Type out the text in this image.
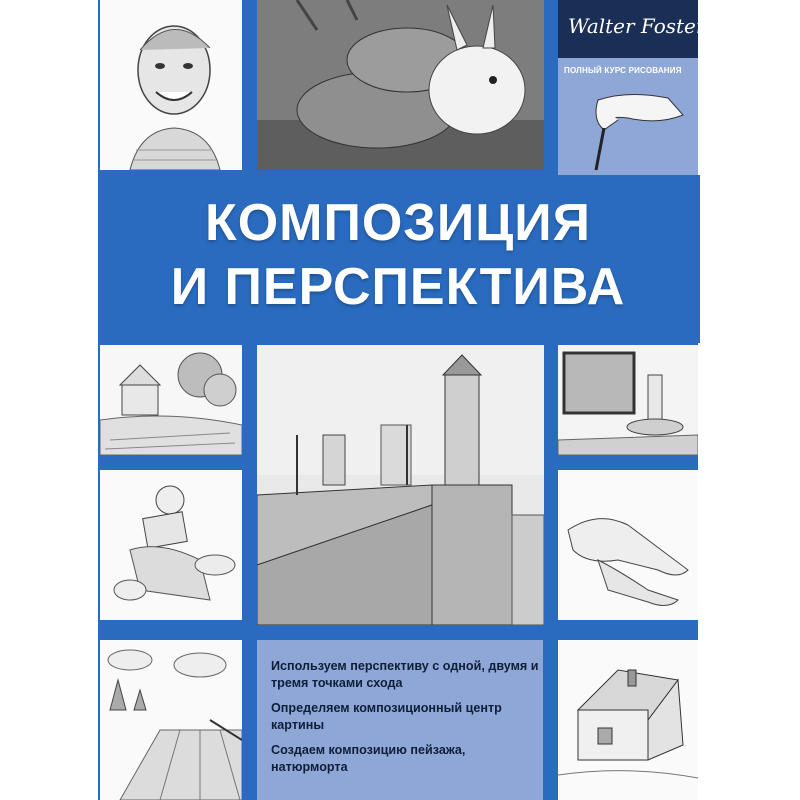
Walter Foster
ПОЛНЫЙ КУРС РИСОВАНИЯ
КОМПОЗИЦИЯ
И ПЕРСПЕКТИВА
Используем перспективу с одной, двумя и тремя точками схода
Определяем композиционный центр картины
Создаем композицию пейзажа, натюрморта
